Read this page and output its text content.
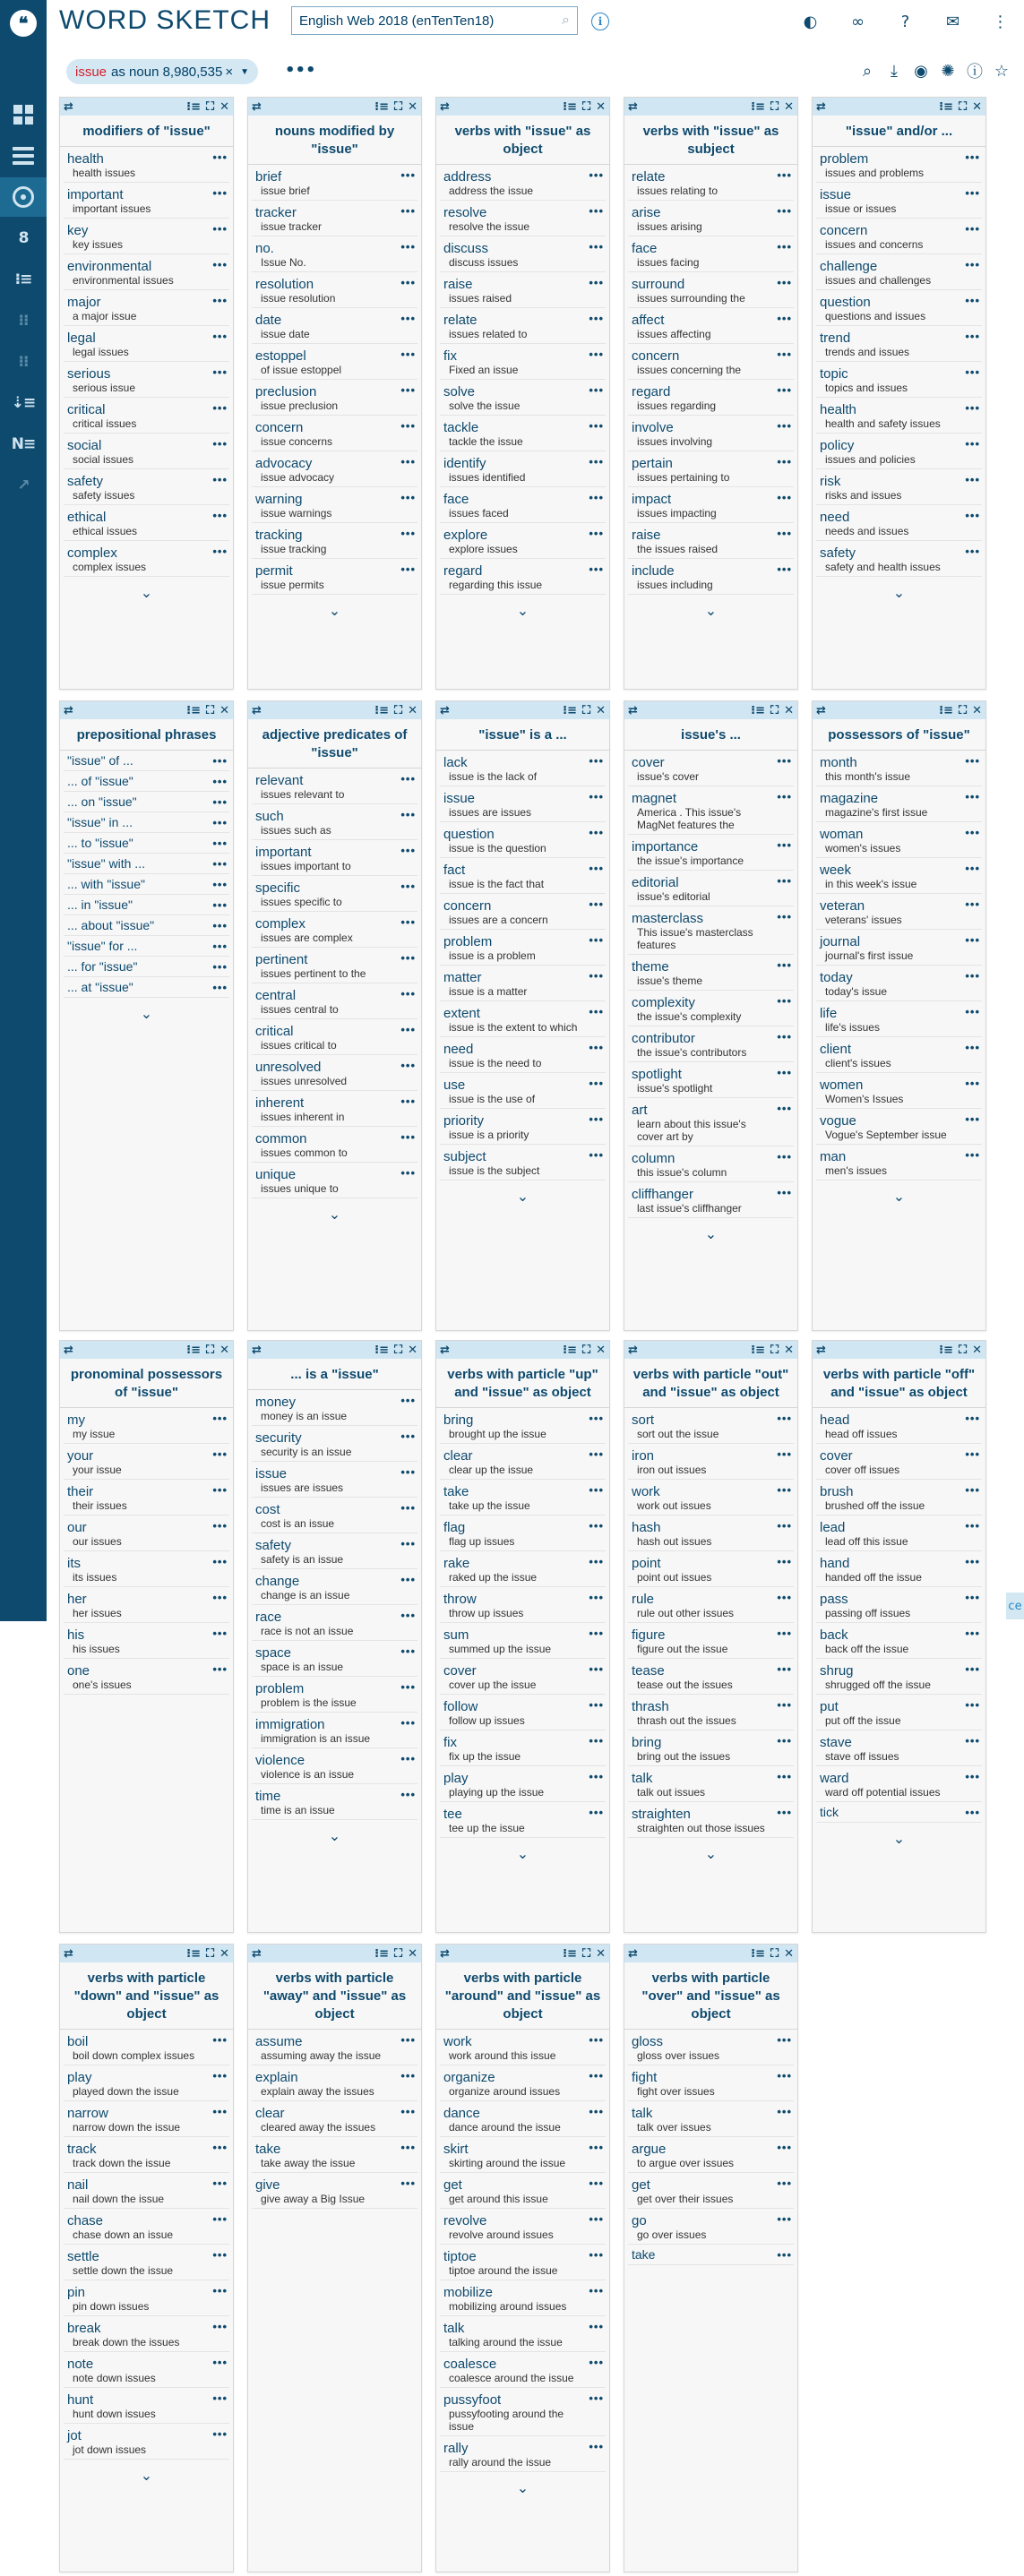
❝
8
⁝≡
⁝⁝
⁝⁝
⇣≡
N≡
↗
WORD SKETCH English Web 2018 (enTenTen18)	⌕	i	◐	∞	?	✉	⋮
issue as noun
8,980,535 × ▼ •••	⌕	⤓	◉ ✺ ⓘ ☆
⇄	⁝≡ ⛶ ✕
modifiers of "issue"
health
health issues
•••
important
important issues
•••
key
key issues
•••
environmental
environmental issues
•••
major
a major issue
•••
legal
legal issues
•••
serious
serious issue
•••
critical
critical issues
•••
social
social issues
•••
safety
safety issues
•••
ethical
ethical issues
•••
complex
complex issues
•••
⌄
⇄	⁝≡ ⛶ ✕
nouns modified by "issue"
brief
issue brief
•••
tracker
issue tracker
•••
no.
Issue No.
•••
resolution
issue resolution
•••
date
issue date
•••
estoppel
of issue estoppel
•••
preclusion
issue preclusion
•••
concern
issue concerns
•••
advocacy
issue advocacy
•••
warning
issue warnings
•••
tracking
issue tracking
•••
permit
issue permits
•••
⌄
⇄	⁝≡ ⛶ ✕
verbs with "issue" as object
address
address the issue
•••
resolve
resolve the issue
•••
discuss
discuss issues
•••
raise
issues raised
•••
relate
issues related to
•••
fix
Fixed an issue
•••
solve
solve the issue
•••
tackle
tackle the issue
•••
identify
issues identified
•••
face
issues faced
•••
explore
explore issues
•••
regard
regarding this issue
•••
⌄
⇄	⁝≡ ⛶ ✕
verbs with "issue" as subject
relate
issues relating to
•••
arise
issues arising
•••
face
issues facing
•••
surround
issues surrounding the
•••
affect
issues affecting
•••
concern
issues concerning the
•••
regard
issues regarding
•••
involve
issues involving
•••
pertain
issues pertaining to
•••
impact
issues impacting
•••
raise
the issues raised
•••
include
issues including
•••
⌄
⇄	⁝≡ ⛶ ✕
"issue" and/or ...
problem
issues and problems
•••
issue
issue or issues
•••
concern
issues and concerns
•••
challenge
issues and challenges
•••
question
questions and issues
•••
trend
trends and issues
•••
topic
topics and issues
•••
health
health and safety issues
•••
policy
issues and policies
•••
risk
risks and issues
•••
need
needs and issues
•••
safety
safety and health issues
•••
⌄
⇄	⁝≡ ⛶ ✕
prepositional phrases
"issue" of ...	•••
... of "issue"	•••
... on "issue"	•••
"issue" in ...	•••
... to "issue"	•••
"issue" with ...	•••
... with "issue"	•••
... in "issue"	•••
... about "issue"	•••
"issue" for ...	•••
... for "issue"	•••
... at "issue"	•••
⌄
⇄	⁝≡ ⛶ ✕
adjective predicates of "issue"
relevant
issues relevant to
•••
such
issues such as
•••
important
issues important to
•••
specific
issues specific to
•••
complex
issues are complex
•••
pertinent
issues pertinent to the
•••
central
issues central to
•••
critical
issues critical to
•••
unresolved
issues unresolved
•••
inherent
issues inherent in
•••
common
issues common to
•••
unique
issues unique to
•••
⌄
⇄	⁝≡ ⛶ ✕
"issue" is a ...
lack
issue is the lack of
•••
issue
issues are issues
•••
question
issue is the question
•••
fact
issue is the fact that
•••
concern
issues are a concern
•••
problem
issue is a problem
•••
matter
issue is a matter
•••
extent
issue is the extent to which
•••
need
issue is the need to
•••
use
issue is the use of
•••
priority
issue is a priority
•••
subject
issue is the subject
•••
⌄
⇄	⁝≡ ⛶ ✕
issue's ...
cover
issue's cover
•••
magnet
America . This issue's MagNet features the
•••
importance
the issue's importance
•••
editorial
issue's editorial
•••
masterclass
This issue's masterclass features
•••
theme
issue's theme
•••
complexity
the issue's complexity
•••
contributor
the issue's contributors
•••
spotlight
issue's spotlight
•••
art
learn about this issue's cover art by
•••
column
this issue's column
•••
cliffhanger
last issue's cliffhanger
•••
⌄
⇄	⁝≡ ⛶ ✕
possessors of "issue"
month
this month's issue
•••
magazine
magazine's first issue
•••
woman
women's issues
•••
week
in this week's issue
•••
veteran
veterans' issues
•••
journal
journal's first issue
•••
today
today's issue
•••
life
life's issues
•••
client
client's issues
•••
women
Women's Issues
•••
vogue
Vogue's September issue
•••
man
men's issues
•••
⌄
⇄	⁝≡ ⛶ ✕
pronominal possessors of "issue"
my
my issue
•••
your
your issue
•••
their
their issues
•••
our
our issues
•••
its
its issues
•••
her
her issues
•••
his
his issues
•••
one
one's issues
•••
⇄	⁝≡ ⛶ ✕
... is a "issue"
money
money is an issue
•••
security
security is an issue
•••
issue
issues are issues
•••
cost
cost is an issue
•••
safety
safety is an issue
•••
change
change is an issue
•••
race
race is not an issue
•••
space
space is an issue
•••
problem
problem is the issue
•••
immigration
immigration is an issue
•••
violence
violence is an issue
•••
time
time is an issue
•••
⌄
⇄	⁝≡ ⛶ ✕
verbs with particle "up" and "issue" as object
bring
brought up the issue
•••
clear
clear up the issue
•••
take
take up the issue
•••
flag
flag up issues
•••
rake
raked up the issue
•••
throw
throw up issues
•••
sum
summed up the issue
•••
cover
cover up the issue
•••
follow
follow up issues
•••
fix
fix up the issue
•••
play
playing up the issue
•••
tee
tee up the issue
•••
⌄
⇄	⁝≡ ⛶ ✕
verbs with particle "out" and "issue" as object
sort
sort out the issue
•••
iron
iron out issues
•••
work
work out issues
•••
hash
hash out issues
•••
point
point out issues
•••
rule
rule out other issues
•••
figure
figure out the issue
•••
tease
tease out the issues
•••
thrash
thrash out the issues
•••
bring
bring out the issues
•••
talk
talk out issues
•••
straighten
straighten out those issues
•••
⌄
⇄	⁝≡ ⛶ ✕
verbs with particle "off" and "issue" as object
head
head off issues
•••
cover
cover off issues
•••
brush
brushed off the issue
•••
lead
lead off this issue
•••
hand
handed off the issue
•••
pass
passing off issues
•••
back
back off the issue
•••
shrug
shrugged off the issue
•••
put
put off the issue
•••
stave
stave off issues
•••
ward
ward off potential issues
•••
tick	•••
⌄
⇄	⁝≡ ⛶ ✕
verbs with particle "down" and "issue" as object
boil
boil down complex issues
•••
play
played down the issue
•••
narrow
narrow down the issue
•••
track
track down the issue
•••
nail
nail down the issue
•••
chase
chase down an issue
•••
settle
settle down the issue
•••
pin
pin down issues
•••
break
break down the issues
•••
note
note down issues
•••
hunt
hunt down issues
•••
jot
jot down issues
•••
⌄
⇄	⁝≡ ⛶ ✕
verbs with particle "away" and "issue" as object
assume
assuming away the issue
•••
explain
explain away the issues
•••
clear
cleared away the issues
•••
take
take away the issue
•••
give
give away a Big Issue
•••
⇄	⁝≡ ⛶ ✕
verbs with particle "around" and "issue" as object
work
work around this issue
•••
organize
organize around issues
•••
dance
dance around the issue
•••
skirt
skirting around the issue
•••
get
get around this issue
•••
revolve
revolve around issues
•••
tiptoe
tiptoe around the issue
•••
mobilize
mobilizing around issues
•••
talk
talking around the issue
•••
coalesce
coalesce around the issue
•••
pussyfoot
pussyfooting around the issue
•••
rally
rally around the issue
•••
⌄
⇄	⁝≡ ⛶ ✕
verbs with particle "over" and "issue" as object
gloss
gloss over issues
•••
fight
fight over issues
•••
talk
talk over issues
•••
argue
to argue over issues
•••
get
get over their issues
•••
go
go over issues
•••
take	•••
ce
